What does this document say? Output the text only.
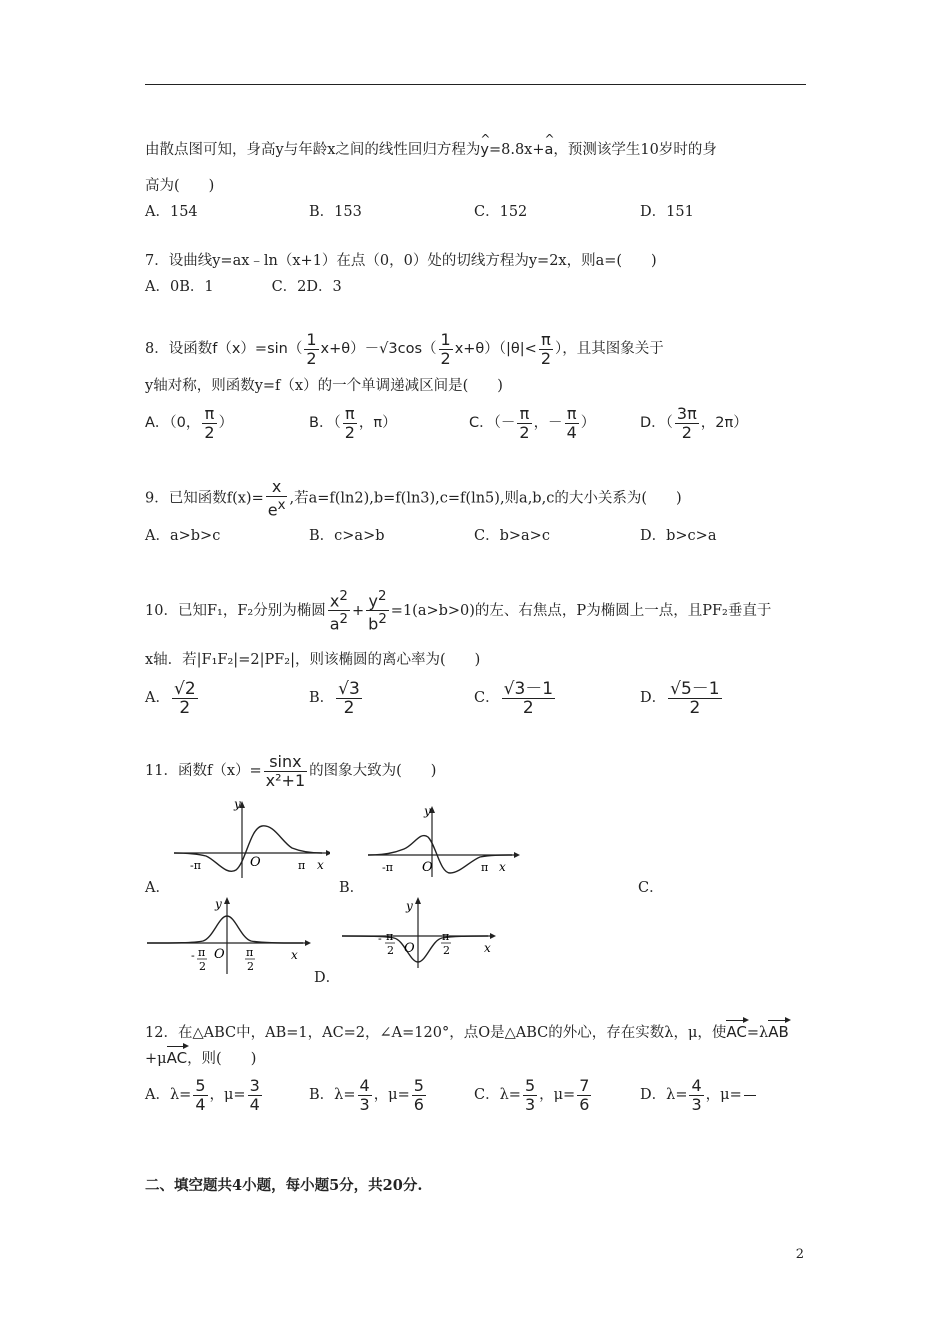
由散点图可知，身高y与年龄x之间的线性回归方程为^ y=8.8x+^ a，预测该学生10岁时的身
高为(　　)
A．154	B．153	C．152	D．151
7．设曲线y=ax﹣ln（x+1）在点（0，0）处的切线方程为y=2x，则a=(　　)
A．0B．1　　　　C．2D．3
8．设函数$f(x)=\sin( \frac{1}{2} x+\theta)-√3\cos( \frac{1}{2} x+\theta)(|\theta|< \frac{\pi}{2}$ ），且其图象关于
y轴对称，则函数y=f（x）的一个单调递减区间是(　　)
A．（0， $\frac{\pi}{2}$ ）	B．（ $\frac{\pi}{2}$ ，π）	C．（－ $\frac{\pi}{2}$ ，－ $\frac{\pi}{4}$ ）	D．（ $\frac{3\pi}{2}$ ，2π）
9．已知函数$f(x)= \frac{x}{e^x}$ ,若a=f(ln2),b=f(ln3),c=f(ln5),则a,b,c的大小关系为(　　)
A．a>b>c	B．c>a>b	C．b>a>c	D．b>c>a
10．已知F₁，F₂分别为椭圆 $\frac{x^2}{a^2} + \frac{y^2}{b^2} =1(a>b>0)$的左、右焦点，P为椭圆上一点，且PF₂垂直于
x轴．若|F₁F₂|=2|PF₂|，则该椭圆的离心率为(　　)
A． $\frac{√2}{2}$	B． $\frac{√3}{2}$	C． $\frac{√3-1}{2}$	D． $\frac{√5-1}{2}$
11．函数$f(x)= \frac{\sin x}{\text{x²+1}}$ 的图象大致为(　　)
y
-π	O	π x
A．
y
-π O	π x
B．	C．
y
- π
2
O π
2
x
y
- π
2 O
π
2	x
D．
12．在△ABC中，AB=1，AC=2，∠A=120°，点O是△ABC的外心，存在实数λ，μ，使AC=λAB
+μAC，则(　　)
A．$\lambda= \frac{5}{4}$ ，$\mu= \frac{3}{4}$	B．$\lambda= \frac{4}{3}$ ，$\mu= \frac{5}{6}$	C．$\lambda= \frac{5}{3}$ ，$\mu= \frac{7}{6}$	D．$\lambda= \frac{4}{3}$ ，μ=

二、填空题共4小题，每小题5分，共20分.
2
